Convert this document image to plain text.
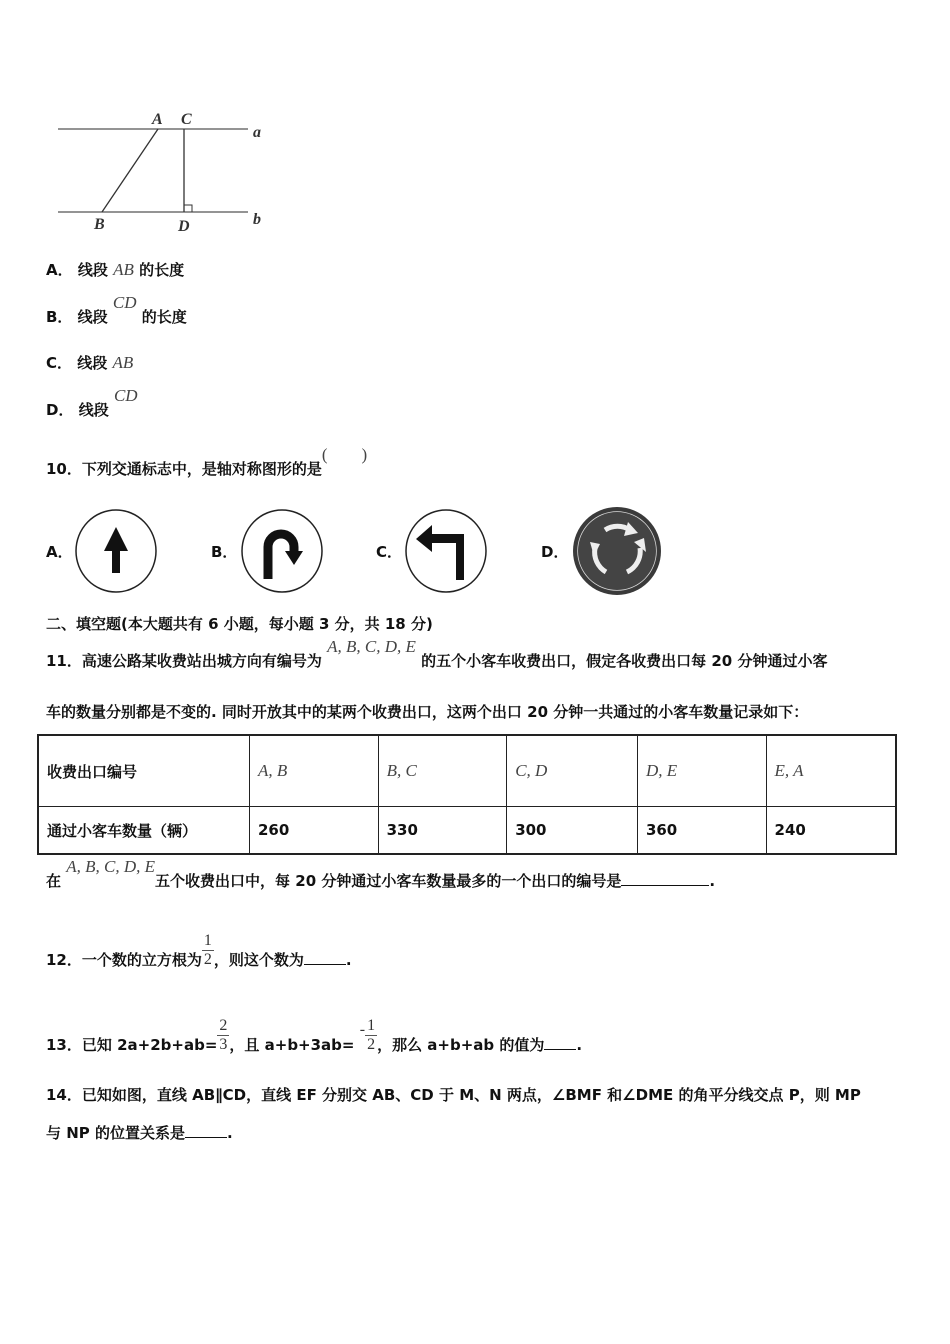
A C
a
B	D	b
A． 线段 AB 的长度
B． 线段 CD 的长度
C． 线段 AB
D． 线段 CD
10．下列交通标志中，是轴对称图形的是(　　)
A．	B．	C．	D．
二、填空题(本大题共有 6 小题，每小题 3 分，共 18 分)
11．高速公路某收费站出城方向有编号为 A, B, C, D, E 的五个小客车收费出口，假定各收费出口每 20 分钟通过小客
车的数量分别都是不变的. 同时开放其中的某两个收费出口，这两个出口 20 分钟一共通过的小客车数量记录如下：
收费出口编号	A, B	B, C	C, D	D, E	E, A
通过小客车数量（辆）	260	330	300	360	240
在 A, B, C, D, E五个收费出口中，每 20 分钟通过小客车数量最多的一个出口的编号是	.
12．一个数的立方根为 $\frac{1}{2}$ ，则这个数为	.
13．已知 $2a+2b+ab= \frac{2}{3}$ ，且 $a+b+3ab= - \frac{1}{2}$ ，那么 a+b+ab 的值为 .
14．已知如图，直线 AB∥CD，直线 EF 分别交 AB、CD 于 M、N 两点，∠BMF 和∠DME 的角平分线交点 P，则 MP
与 NP 的位置关系是	.
